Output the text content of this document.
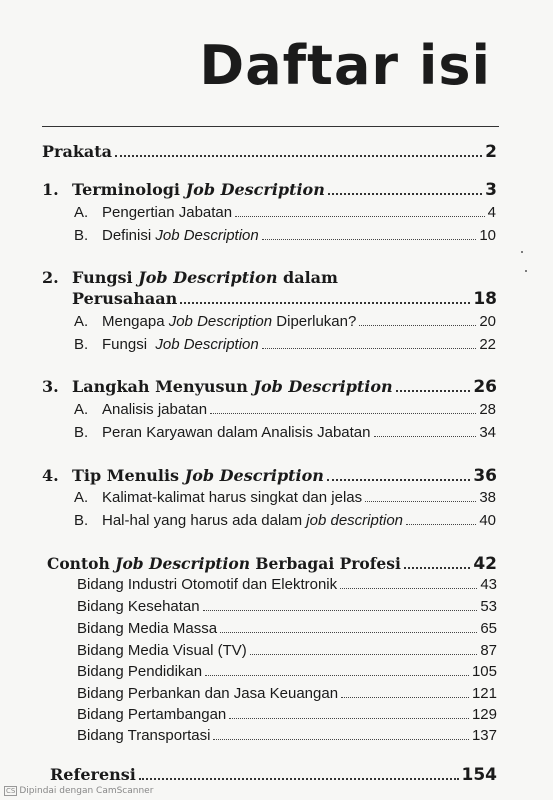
Daftar isi
Prakata	2
1. Terminologi Job Description	3
A. Pengertian Jabatan	4
B. Definisi Job Description	10
2. Fungsi Job Description dalam
Perusahaan	18
A. Mengapa Job Description Diperlukan?	20
B. Fungsi  Job Description	22
3. Langkah Menyusun Job Description	26
A. Analisis jabatan	28
B. Peran Karyawan dalam Analisis Jabatan	34
4. Tip Menulis Job Description	36
A. Kalimat-kalimat harus singkat dan jelas	38
B. Hal-hal yang harus ada dalam job description	40
Contoh Job Description Berbagai Profesi	42
Bidang Industri Otomotif dan Elektronik	43
Bidang Kesehatan	53
Bidang Media Massa	65
Bidang Media Visual (TV)	87
Bidang Pendidikan	105
Bidang Perbankan dan Jasa Keuangan	121
Bidang Pertambangan	129
Bidang Transportasi	137
Referensi	154
CS Dipindai dengan CamScanner
